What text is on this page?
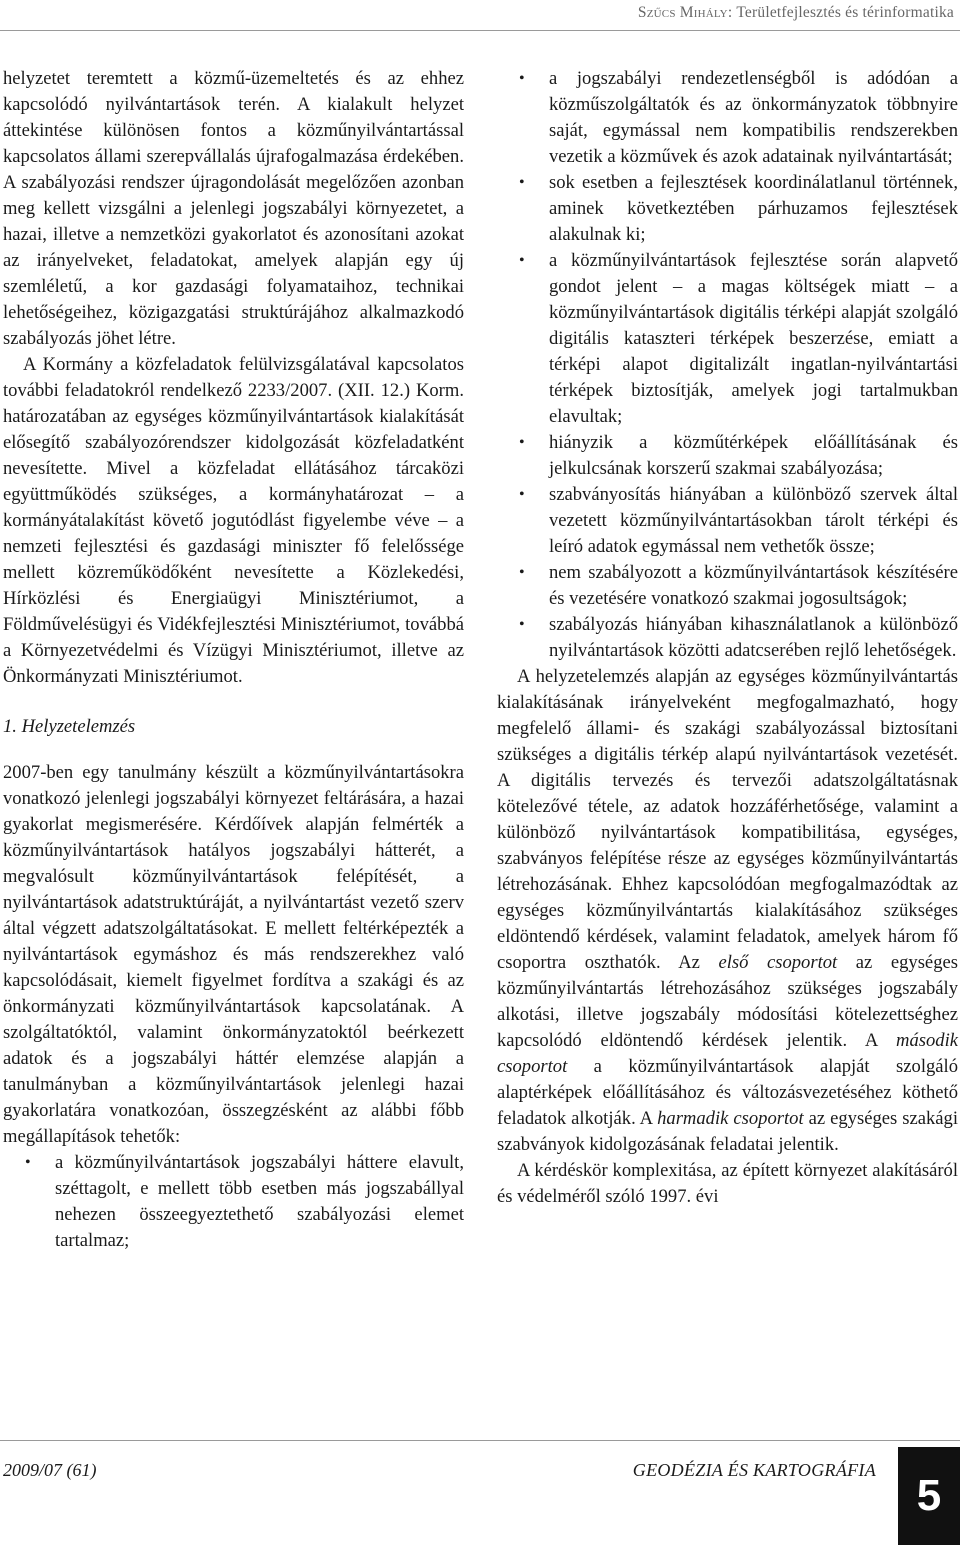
Szűcs Mihály: Területfejlesztés és térinformatika

helyzetet teremtett a közmű-üzemeltetés és az ehhez kapcsolódó nyilvántartások terén. A kialakult helyzet áttekintése különösen fontos a közműnyilvántartással kapcsolatos állami szerepvállalás újrafogalmazása érdekében. A szabályozási rendszer újragondolását megelőzően azonban meg kellett vizsgálni a jelenlegi jogszabályi környezetet, a hazai, illetve a nemzetközi gyakorlatot és azonosítani azokat az irányelveket, feladatokat, amelyek alapján egy új szemléletű, a kor gazdasági folyamataihoz, technikai lehetőségeihez, közigazgatási struktúrájához alkalmazkodó szabályozás jöhet létre.

A Kormány a közfeladatok felülvizsgálatával kapcsolatos további feladatokról rendelkező 2233/2007. (XII. 12.) Korm. határozatában az egységes közműnyilvántartások kialakítását elősegítő szabályozórendszer kidolgozását közfeladatként nevesítette. Mivel a közfeladat ellátásához tárcaközi együttműködés szükséges, a kormányhatározat – a kormányátalakítást követő jogutódlást figyelembe véve – a nemzeti fejlesztési és gazdasági miniszter fő felelőssége mellett közreműködőként nevesítette a Közlekedési, Hírközlési és Energiaügyi Minisztériumot, a Földművelésügyi és Vidékfejlesztési Minisztériumot, továbbá a Környezetvédelmi és Vízügyi Minisztériumot, illetve az Önkormányzati Minisztériumot.

1. Helyzetelemzés

2007-ben egy tanulmány készült a közműnyilvántartásokra vonatkozó jelenlegi jogszabályi környezet feltárására, a hazai gyakorlat megismerésére. Kérdőívek alapján felmérték a közműnyilvántartások hatályos jogszabályi hátterét, a megvalósult közműnyilvántartások felépítését, a nyilvántartások adatstruktúráját, a nyilvántartást vezető szerv által végzett adatszolgáltatásokat. E mellett feltérképezték a nyilvántartások egymáshoz és más rendszerekhez való kapcsolódásait, kiemelt figyelmet fordítva a szakági és az önkormányzati közműnyilvántartások kapcsolatának. A szolgáltatóktól, valamint önkormányzatoktól beérkezett adatok és a jogszabályi háttér elemzése alapján a tanulmányban a közműnyilvántartások jelenlegi hazai gyakorlatára vonatkozóan, összegzésként az alábbi főbb megállapítások tehetők:

• a közműnyilvántartások jogszabályi háttere elavult, széttagolt, e mellett több esetben más jogszabállyal nehezen összeegyeztethető szabályozási elemet tartalmaz;
• a jogszabályi rendezetlenségből is adódóan a közműszolgáltatók és az önkormányzatok többnyire saját, egymással nem kompatibilis rendszerekben vezetik a közművek és azok adatainak nyilvántartását;
• sok esetben a fejlesztések koordinálatlanul történnek, aminek következtében párhuzamos fejlesztések alakulnak ki;
• a közműnyilvántartások fejlesztése során alapvető gondot jelent – a magas költségek miatt – a közműnyilvántartások digitális térképi alapját szolgáló digitális kataszteri térképek beszerzése, emiatt a térképi alapot digitalizált ingatlan-nyilvántartási térképek biztosítják, amelyek jogi tartalmukban elavultak;
• hiányzik a közműtérképek előállításának és jelkulcsának korszerű szakmai szabályozása;
• szabványosítás hiányában a különböző szervek által vezetett közműnyilvántartásokban tárolt térképi és leíró adatok egymással nem vethetők össze;
• nem szabályozott a közműnyilvántartások készítésére és vezetésére vonatkozó szakmai jogosultságok;
• szabályozás hiányában kihasználatlanok a különböző nyilvántartások közötti adatcserében rejlő lehetőségek.

A helyzetelemzés alapján az egységes közműnyilvántartás kialakításának irányelveként megfogalmazható, hogy megfelelő állami- és szakági szabályozással biztosítani szükséges a digitális térkép alapú nyilvántartások vezetését. A digitális tervezés és tervezői adatszolgáltatásnak kötelezővé tétele, az adatok hozzáférhetősége, valamint a különböző nyilvántartások kompatibilitása, egységes, szabványos felépítése része az egységes közműnyilvántartás létrehozásának. Ehhez kapcsolódóan megfogalmazódtak az egységes közműnyilvántartás kialakításához szükséges eldöntendő kérdések, valamint feladatok, amelyek három fő csoportra oszthatók. Az első csoportot az egységes közműnyilvántartás létrehozásához szükséges jogszabály alkotási, illetve jogszabály módosítási kötelezettséghez kapcsolódó eldöntendő kérdések jelentik. A második csoportot a közműnyilvántartások alapját szolgáló alaptérképek előállításához és változásvezetéséhez köthető feladatok alkotják. A harmadik csoportot az egységes szakági szabványok kidolgozásának feladatai jelentik.

A kérdéskör komplexitása, az épített környezet alakításáról és védelméről szóló 1997. évi

2009/07 (61)	GEODÉZIA ÉS KARTOGRÁFIA
5
